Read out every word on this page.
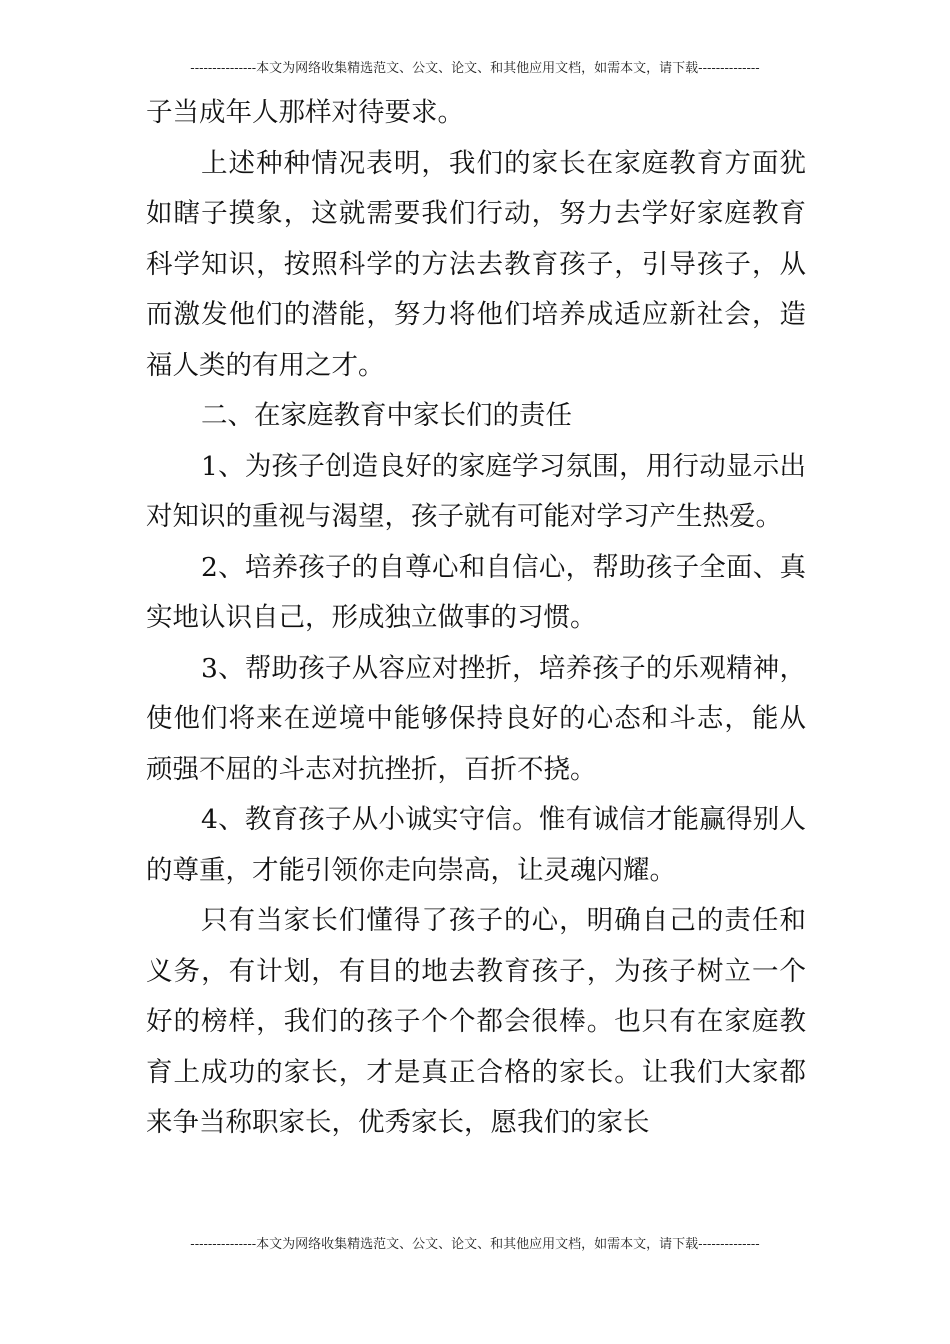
---------------本文为网络收集精选范文、公文、论文、和其他应用文档，如需本文，请下载--------------

子当成年人那样对待要求。

上述种种情况表明，我们的家长在家庭教育方面犹如瞎子摸象，这就需要我们行动，努力去学好家庭教育科学知识，按照科学的方法去教育孩子，引导孩子，从而激发他们的潜能，努力将他们培养成适应新社会，造福人类的有用之才。

二、在家庭教育中家长们的责任

1、为孩子创造良好的家庭学习氛围，用行动显示出对知识的重视与渴望，孩子就有可能对学习产生热爱。

2、培养孩子的自尊心和自信心，帮助孩子全面、真实地认识自己，形成独立做事的习惯。

3、帮助孩子从容应对挫折，培养孩子的乐观精神，使他们将来在逆境中能够保持良好的心态和斗志，能从顽强不屈的斗志对抗挫折，百折不挠。

4、教育孩子从小诚实守信。惟有诚信才能赢得别人的尊重，才能引领你走向崇高，让灵魂闪耀。

只有当家长们懂得了孩子的心，明确自己的责任和义务，有计划，有目的地去教育孩子，为孩子树立一个好的榜样，我们的孩子个个都会很棒。也只有在家庭教育上成功的家长，才是真正合格的家长。让我们大家都来争当称职家长，优秀家长，愿我们的家长

---------------本文为网络收集精选范文、公文、论文、和其他应用文档，如需本文，请下载--------------
